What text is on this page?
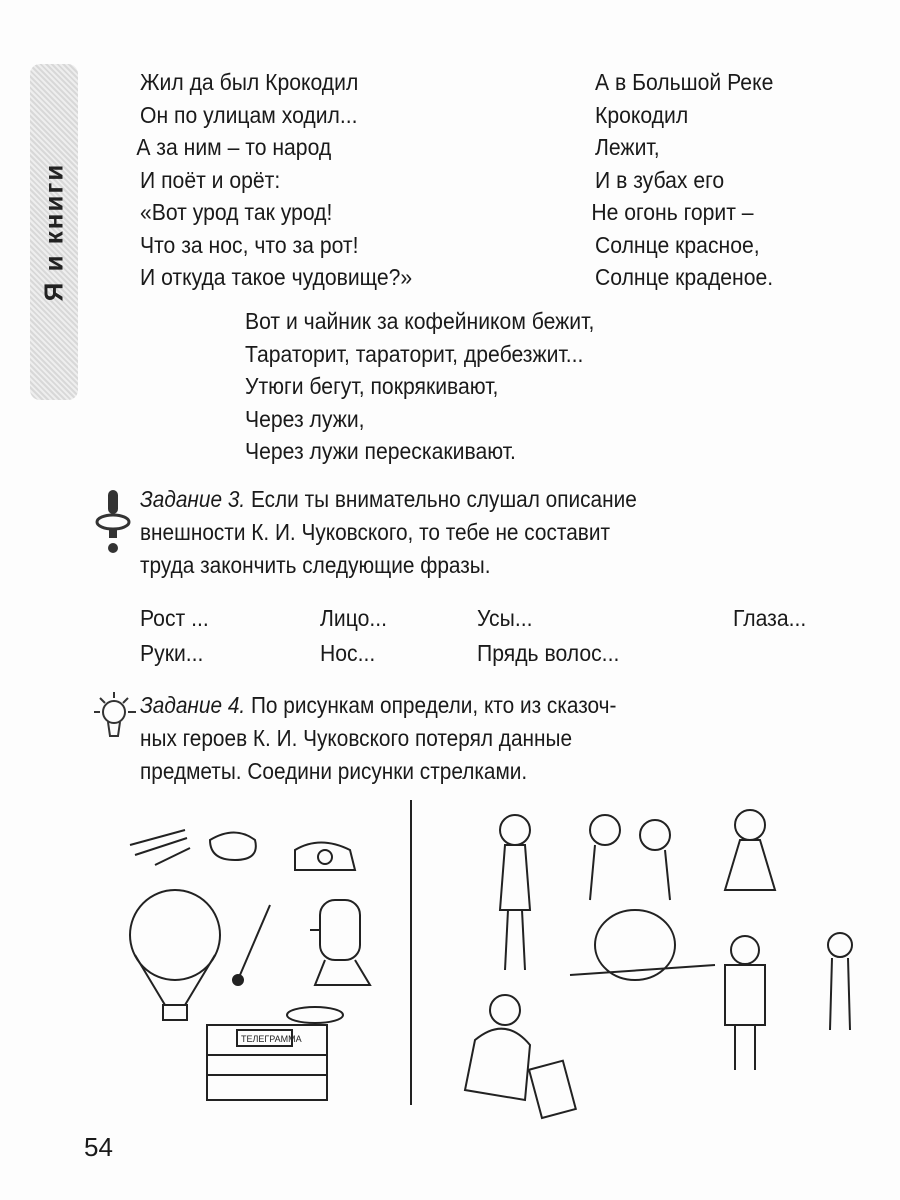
Я и книги
Жил да был Крокодил
Он по улицам ходил...
А за ним – то народ
И поёт и орёт:
«Вот урод так урод!
Что за нос, что за рот!
И откуда такое чудовище?»
А в Большой Реке
Крокодил
Лежит,
И в зубах его
Не огонь горит –
Солнце красное,
Солнце краденое.
Вот и чайник за кофейником бежит,
Тараторит, тараторит, дребезжит...
Утюги бегут, покрякивают,
Через лужи,
Через лужи перескакивают.
Задание 3. Если ты внимательно слушал описание
внешности К. И. Чуковского, то тебе не составит
труда закончить следующие фразы.
Рост ...	Лицо...	Усы...	Глаза...
Руки...	Нос...	Прядь волос...
Задание 4. По рисункам определи, кто из сказоч-
ных героев К. И. Чуковского потерял данные
предметы. Соедини рисунки стрелками.
ТЕЛЕГРАММА
54
